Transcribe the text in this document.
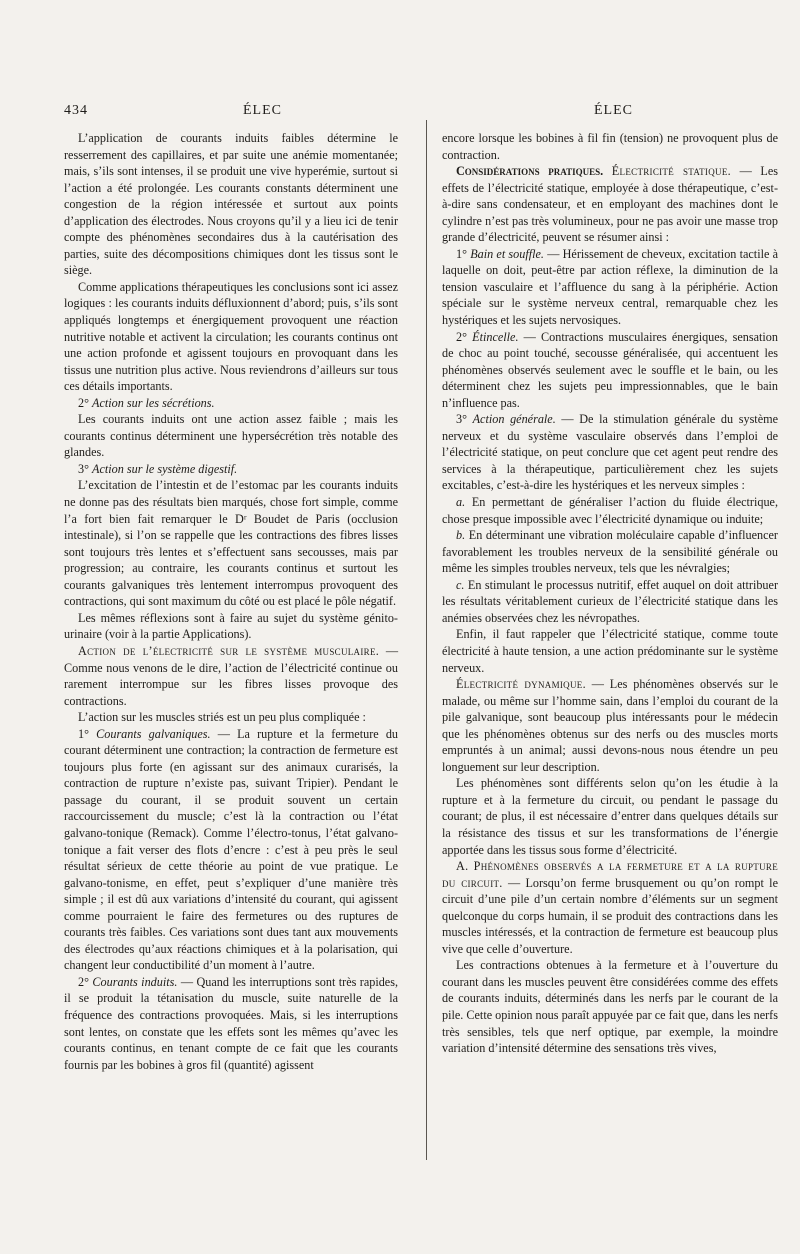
434	ÉLEC	ÉLEC

L’application de courants induits faibles détermine le resserrement des capillaires, et par suite une anémie momentanée; mais, s’ils sont intenses, il se produit une vive hyperémie, surtout si l’action a été prolongée. Les courants constants déterminent une congestion de la région intéressée et surtout aux points d’application des électrodes. Nous croyons qu’il y a lieu ici de tenir compte des phénomènes secondaires dus à la cautérisation des parties, suite des décompositions chimiques dont les tissus sont le siège.

Comme applications thérapeutiques les conclusions sont ici assez logiques : les courants induits défluxionnent d’abord; puis, s’ils sont appliqués longtemps et énergiquement provoquent une réaction nutritive notable et activent la circulation; les courants continus ont une action profonde et agissent toujours en provoquant dans les tissus une nutrition plus active. Nous reviendrons d’ailleurs sur tous ces détails importants.

2° Action sur les sécrétions.

Les courants induits ont une action assez faible ; mais les courants continus déterminent une hypersécrétion très notable des glandes.

3° Action sur le système digestif.

L’excitation de l’intestin et de l’estomac par les courants induits ne donne pas des résultats bien marqués, chose fort simple, comme l’a fort bien fait remarquer le Dʳ Boudet de Paris (occlusion intestinale), si l’on se rappelle que les contractions des fibres lisses sont toujours très lentes et s’effectuent sans secousses, mais par progression; au contraire, les courants continus et surtout les courants galvaniques très lentement interrompus provoquent des contractions, qui sont maximum du côté ou est placé le pôle négatif.

Les mêmes réflexions sont à faire au sujet du système génito-urinaire (voir à la partie Applications).

Action de l’électricité sur le système musculaire. — Comme nous venons de le dire, l’action de l’électricité continue ou rarement interrompue sur les fibres lisses provoque des contractions.

L’action sur les muscles striés est un peu plus compliquée :

1° Courants galvaniques. — La rupture et la fermeture du courant déterminent une contraction; la contraction de fermeture est toujours plus forte (en agissant sur des animaux curarisés, la contraction de rupture n’existe pas, suivant Tripier). Pendant le passage du courant, il se produit souvent un certain raccourcissement du muscle; c’est là la contraction ou l’état galvano-tonique (Remack). Comme l’électro-tonus, l’état galvano-tonique a fait verser des flots d’encre : c’est à peu près le seul résultat sérieux de cette théorie au point de vue pratique. Le galvano-tonisme, en effet, peut s’expliquer d’une manière très simple ; il est dû aux variations d’intensité du courant, qui agissent comme pourraient le faire des fermetures ou des ruptures de courants très faibles. Ces variations sont dues tant aux mouvements des électrodes qu’aux réactions chimiques et à la polarisation, qui changent leur conductibilité d’un moment à l’autre.

2° Courants induits. — Quand les interruptions sont très rapides, il se produit la tétanisation du muscle, suite naturelle de la fréquence des contractions provoquées. Mais, si les interruptions sont lentes, on constate que les effets sont les mêmes qu’avec les courants continus, en tenant compte de ce fait que les courants fournis par les bobines à gros fil (quantité) agissent

encore lorsque les bobines à fil fin (tension) ne provoquent plus de contraction.

Considérations pratiques. Électricité statique. — Les effets de l’électricité statique, employée à dose thérapeutique, c’est-à-dire sans condensateur, et en employant des machines dont le cylindre n’est pas très volumineux, pour ne pas avoir une masse trop grande d’électricité, peuvent se résumer ainsi :

1° Bain et souffle. — Hérissement de cheveux, excitation tactile à laquelle on doit, peut-être par action réflexe, la diminution de la tension vasculaire et l’affluence du sang à la périphérie. Action spéciale sur le système nerveux central, remarquable chez les hystériques et les sujets nervosiques.

2° Étincelle. — Contractions musculaires énergiques, sensation de choc au point touché, secousse généralisée, qui accentuent les phénomènes observés seulement avec le souffle et le bain, ou les déterminent chez les sujets peu impressionnables, que le bain n’influence pas.

3° Action générale. — De la stimulation générale du système nerveux et du système vasculaire observés dans l’emploi de l’électricité statique, on peut conclure que cet agent peut rendre des services à la thérapeutique, particulièrement chez les sujets excitables, c’est-à-dire les hystériques et les nerveux simples :

a. En permettant de généraliser l’action du fluide électrique, chose presque impossible avec l’électricité dynamique ou induite;

b. En déterminant une vibration moléculaire capable d’influencer favorablement les troubles nerveux de la sensibilité générale ou même les simples troubles nerveux, tels que les névralgies;

c. En stimulant le processus nutritif, effet auquel on doit attribuer les résultats véritablement curieux de l’électricité statique dans les anémies observées chez les névropathes.

Enfin, il faut rappeler que l’électricité statique, comme toute électricité à haute tension, a une action prédominante sur le système nerveux.

Électricité dynamique. — Les phénomènes observés sur le malade, ou même sur l’homme sain, dans l’emploi du courant de la pile galvanique, sont beaucoup plus intéressants pour le médecin que les phénomènes obtenus sur des nerfs ou des muscles morts empruntés à un animal; aussi devons-nous nous étendre un peu longuement sur leur description.

Les phénomènes sont différents selon qu’on les étudie à la rupture et à la fermeture du circuit, ou pendant le passage du courant; de plus, il est nécessaire d’entrer dans quelques détails sur la résistance des tissus et sur les transformations de l’énergie apportée dans les tissus sous forme d’électricité.

A. Phénomènes observés a la fermeture et a la rupture du circuit. — Lorsqu’on ferme brusquement ou qu’on rompt le circuit d’une pile d’un certain nombre d’éléments sur un segment quelconque du corps humain, il se produit des contractions dans les muscles intéressés, et la contraction de fermeture est beaucoup plus vive que celle d’ouverture.

Les contractions obtenues à la fermeture et à l’ouverture du courant dans les muscles peuvent être considérées comme des effets de courants induits, déterminés dans les nerfs par le courant de la pile. Cette opinion nous paraît appuyée par ce fait que, dans les nerfs très sensibles, tels que nerf optique, par exemple, la moindre variation d’intensité détermine des sensations très vives,
